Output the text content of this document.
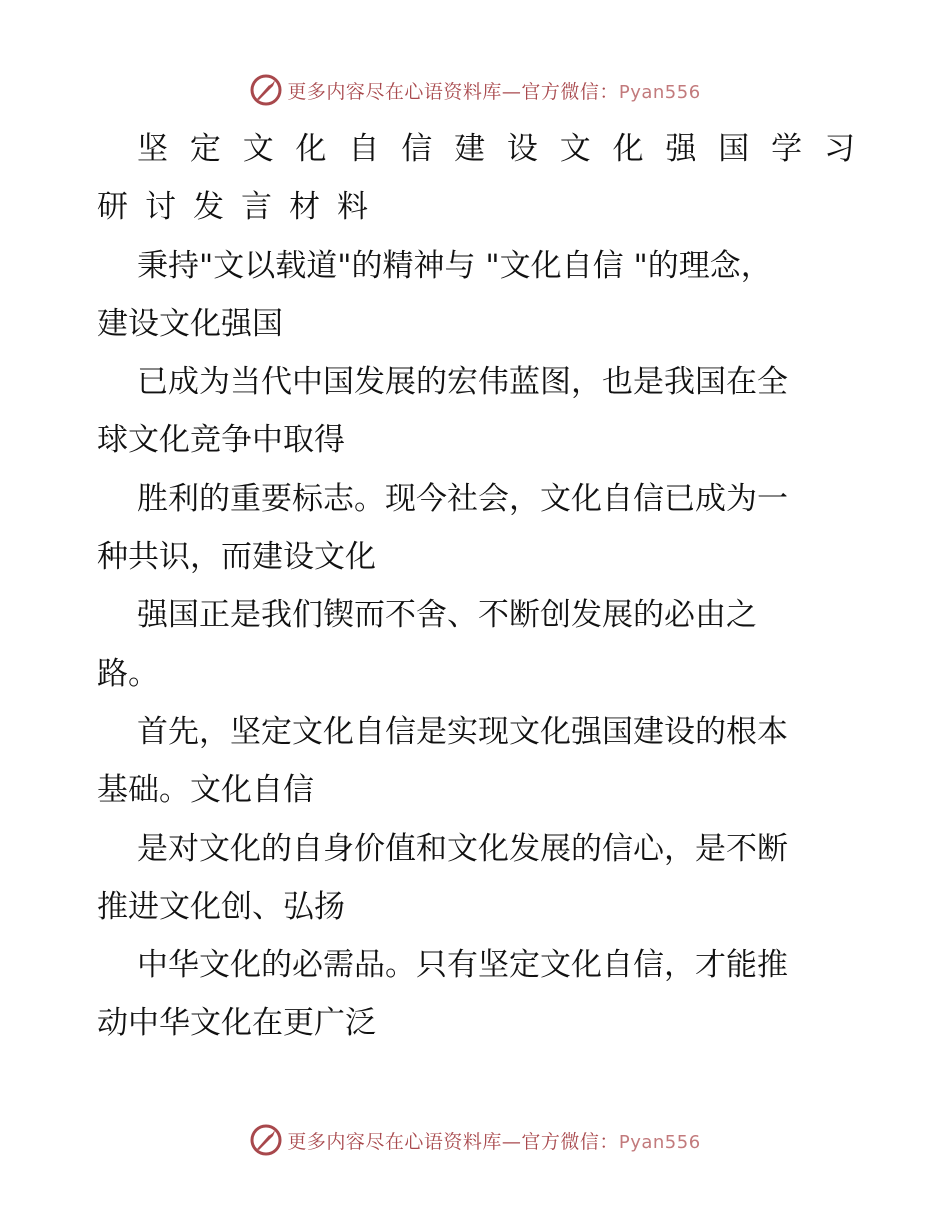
更多内容尽在心语资料库—官方微信：Pyan556
坚 定 文 化 自 信 建 设 文 化 强 国 学 习
研 讨 发 言 材 料
秉持"文以载道"的精神与 "文化自信 "的理念，
建设文化强国
已成为当代中国发展的宏伟蓝图，也是我国在全
球文化竞争中取得
胜利的重要标志。现今社会，文化自信已成为一
种共识，而建设文化
强国正是我们锲而不舍、不断创发展的必由之
路。
首先，坚定文化自信是实现文化强国建设的根本
基础。文化自信
是对文化的自身价值和文化发展的信心，是不断
推进文化创、弘扬
中华文化的必需品。只有坚定文化自信，才能推
动中华文化在更广泛
更多内容尽在心语资料库—官方微信：Pyan556
